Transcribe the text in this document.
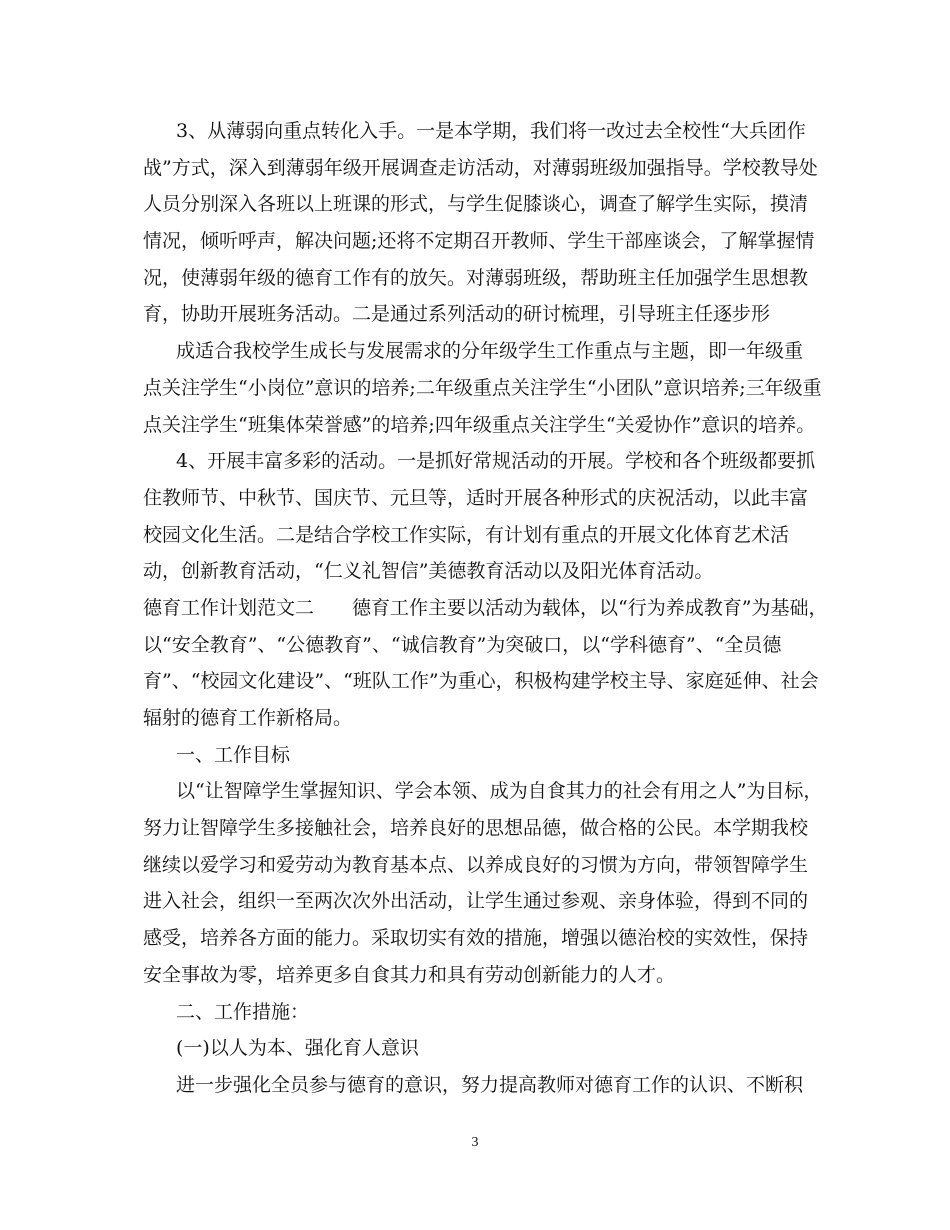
3、从薄弱向重点转化入手。一是本学期，我们将一改过去全校性“大兵团作
战”方式，深入到薄弱年级开展调查走访活动，对薄弱班级加强指导。学校教导处
人员分别深入各班以上班课的形式，与学生促膝谈心，调查了解学生实际，摸清
情况，倾听呼声，解决问题;还将不定期召开教师、学生干部座谈会，了解掌握情
况，使薄弱年级的德育工作有的放矢。对薄弱班级，帮助班主任加强学生思想教
育，协助开展班务活动。二是通过系列活动的研讨梳理，引导班主任逐步形
成适合我校学生成长与发展需求的分年级学生工作重点与主题，即一年级重
点关注学生“小岗位”意识的培养;二年级重点关注学生“小团队”意识培养;三年级重
点关注学生“班集体荣誉感”的培养;四年级重点关注学生“关爱协作”意识的培养。
4、开展丰富多彩的活动。一是抓好常规活动的开展。学校和各个班级都要抓
住教师节、中秋节、国庆节、元旦等，适时开展各种形式的庆祝活动，以此丰富
校园文化生活。二是结合学校工作实际，有计划有重点的开展文化体育艺术活
动，创新教育活动，“仁义礼智信”美德教育活动以及阳光体育活动。
德育工作计划范文二 德育工作主要以活动为载体，以“行为养成教育”为基础，
以“安全教育”、“公德教育”、“诚信教育”为突破口，以“学科德育”、“全员德
育”、“校园文化建设”、“班队工作”为重心，积极构建学校主导、家庭延伸、社会
辐射的德育工作新格局。
一、工作目标
以“让智障学生掌握知识、学会本领、成为自食其力的社会有用之人”为目标，
努力让智障学生多接触社会，培养良好的思想品德，做合格的公民。本学期我校
继续以爱学习和爱劳动为教育基本点、以养成良好的习惯为方向，带领智障学生
进入社会，组织一至两次次外出活动，让学生通过参观、亲身体验，得到不同的
感受，培养各方面的能力。采取切实有效的措施，增强以德治校的实效性，保持
安全事故为零，培养更多自食其力和具有劳动创新能力的人才。
二、工作措施：
(一)以人为本、强化育人意识
进一步强化全员参与德育的意识，努力提高教师对德育工作的认识、不断积
3
